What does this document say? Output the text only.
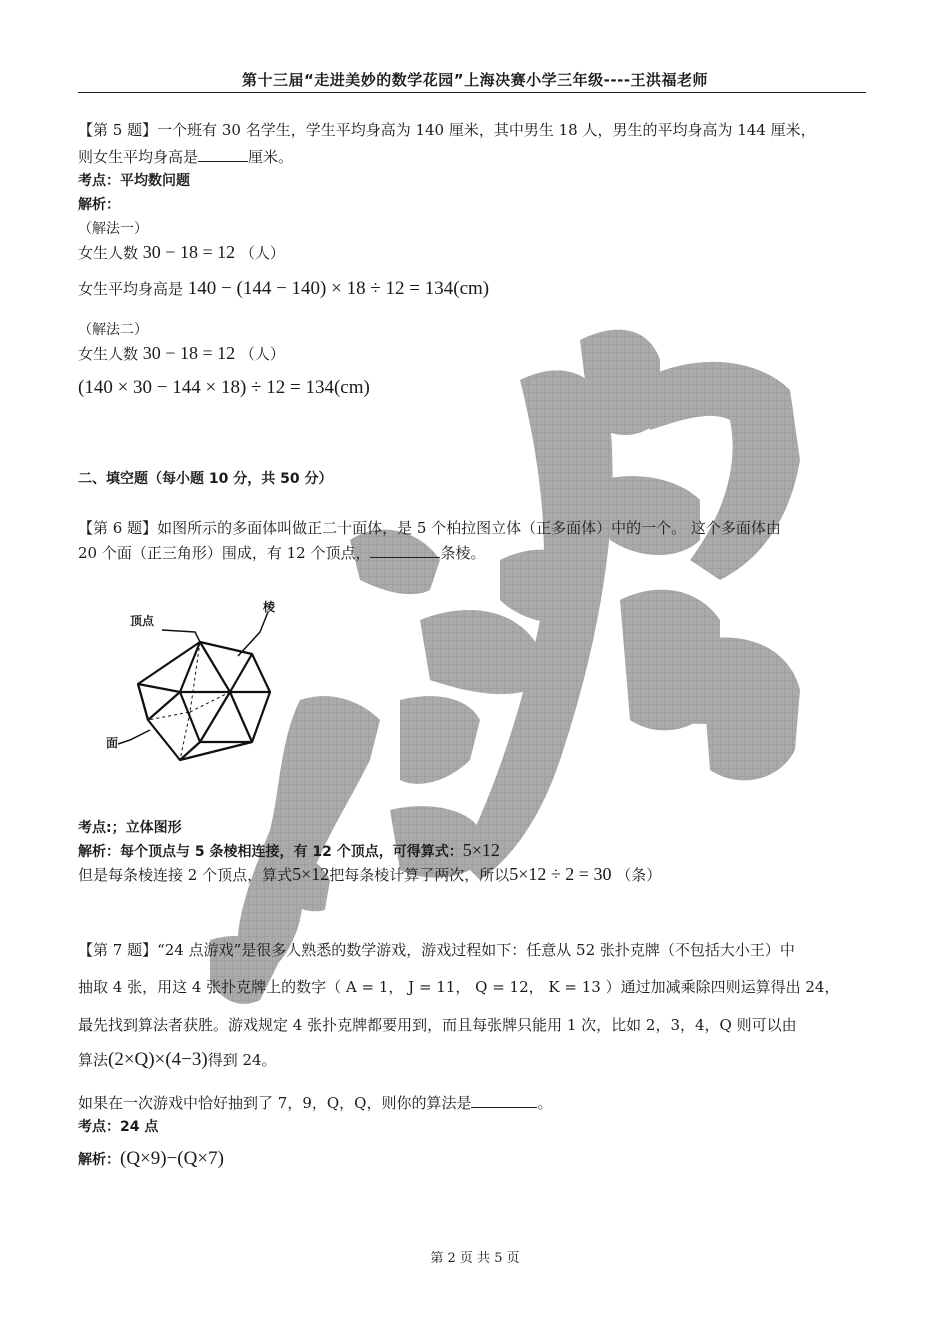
第十三届“走进美妙的数学花园”上海决赛小学三年级----王洪福老师
【第 5 题】一个班有 30 名学生，学生平均身高为 140 厘米，其中男生 18 人，男生的平均身高为 144 厘米，
则女生平均身高是	厘米。
考点：平均数问题
解析：
（解法一）
女生人数 30 − 18 = 12 （人）
女生平均身高是 140 − (144 − 140) × 18 ÷ 12 = 134(cm)
（解法二）
女生人数 30 − 18 = 12 （人）
(140 × 30 − 144 × 18) ÷ 12 = 134(cm)
二、填空题（每小题 10 分，共 50 分）
【第 6 题】如图所示的多面体叫做正二十面体，是 5 个柏拉图立体（正多面体）中的一个。 这个多面体由
20 个面（正三角形）围成，有 12 个顶点，	条棱。
顶点
棱
面
考点:；立体图形
解析：每个顶点与 5 条棱相连接，有 12 个顶点，可得算式：5×12
但是每条棱连接 2 个顶点，算式5×12把每条棱计算了两次，所以5×12 ÷ 2 = 30 （条）
【第 7 题】“24 点游戏”是很多人熟悉的数学游戏，游戏过程如下：任意从 52 张扑克牌（不包括大小王）中
抽取 4 张，用这 4 张扑克牌上的数字（ A = 1， J = 11， Q = 12， K = 13 ）通过加减乘除四则运算得出 24，
最先找到算法者获胜。游戏规定 4 张扑克牌都要用到，而且每张牌只能用 1 次，比如 2，3，4，Q 则可以由
算法(2×Q)×(4−3)得到 24。
如果在一次游戏中恰好抽到了 7，9，Q，Q，则你的算法是	。
考点：24 点
解析：(Q×9)−(Q×7)
第 2 页 共 5 页
